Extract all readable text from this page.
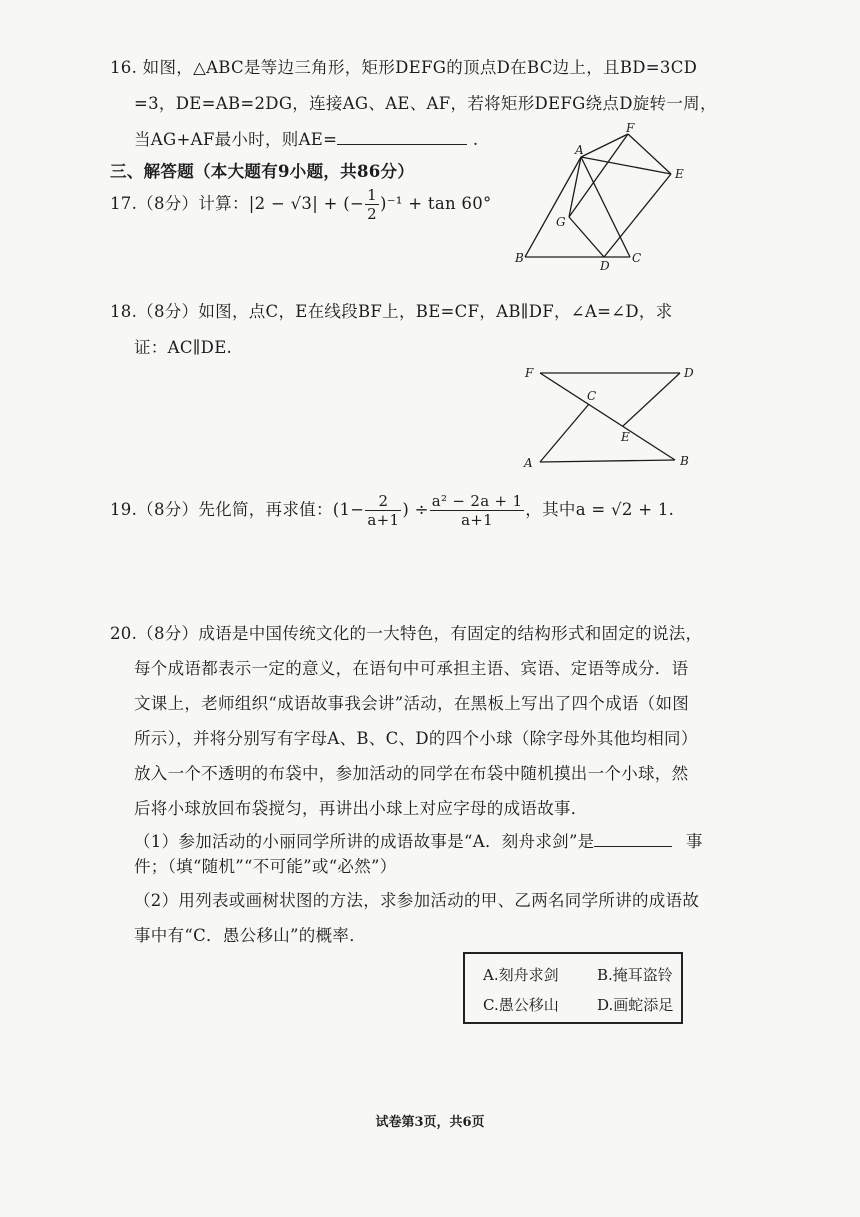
16. 如图，△ABC是等边三角形，矩形DEFG的顶点D在BC边上，且BD=3CD
=3，DE=AB=2DG，连接AG、AE、AF，若将矩形DEFG绕点D旋转一周，
当AG+AF最小时，则AE=	.
三、解答题（本大题有9小题，共86分）
17.（8分）计算：|2 − √3| + (− $\frac{1}{2} )^{-1} + \tan 60^\circ$
A
B	C
D
E
F
G
18.（8分）如图，点C，E在线段BF上，BE=CF，AB∥DF，∠A=∠D，求
证：AC∥DE.
F	D
C
E
A	B
19.（8分）先化简，再求值：($1- \frac{2}{a+1}$ ) ÷ $\frac{\text{a² − 2a + 1}}{a+1}$ ，其中a = √2 + 1.
20.（8分）成语是中国传统文化的一大特色，有固定的结构形式和固定的说法，
每个成语都表示一定的意义，在语句中可承担主语、宾语、定语等成分．语
文课上，老师组织“成语故事我会讲”活动，在黑板上写出了四个成语（如图
所示），并将分别写有字母A、B、C、D的四个小球（除字母外其他均相同）
放入一个不透明的布袋中，参加活动的同学在布袋中随机摸出一个小球，然
后将小球放回布袋搅匀，再讲出小球上对应字母的成语故事．
（1）参加活动的小丽同学所讲的成语故事是“A．刻舟求剑”是	事
件；（填“随机”“不可能”或“必然”）
（2）用列表或画树状图的方法，求参加活动的甲、乙两名同学所讲的成语故
事中有“C．愚公移山”的概率．
A.刻舟求剑	B.掩耳盗铃
C.愚公移山	D.画蛇添足
试卷第3页，共6页
